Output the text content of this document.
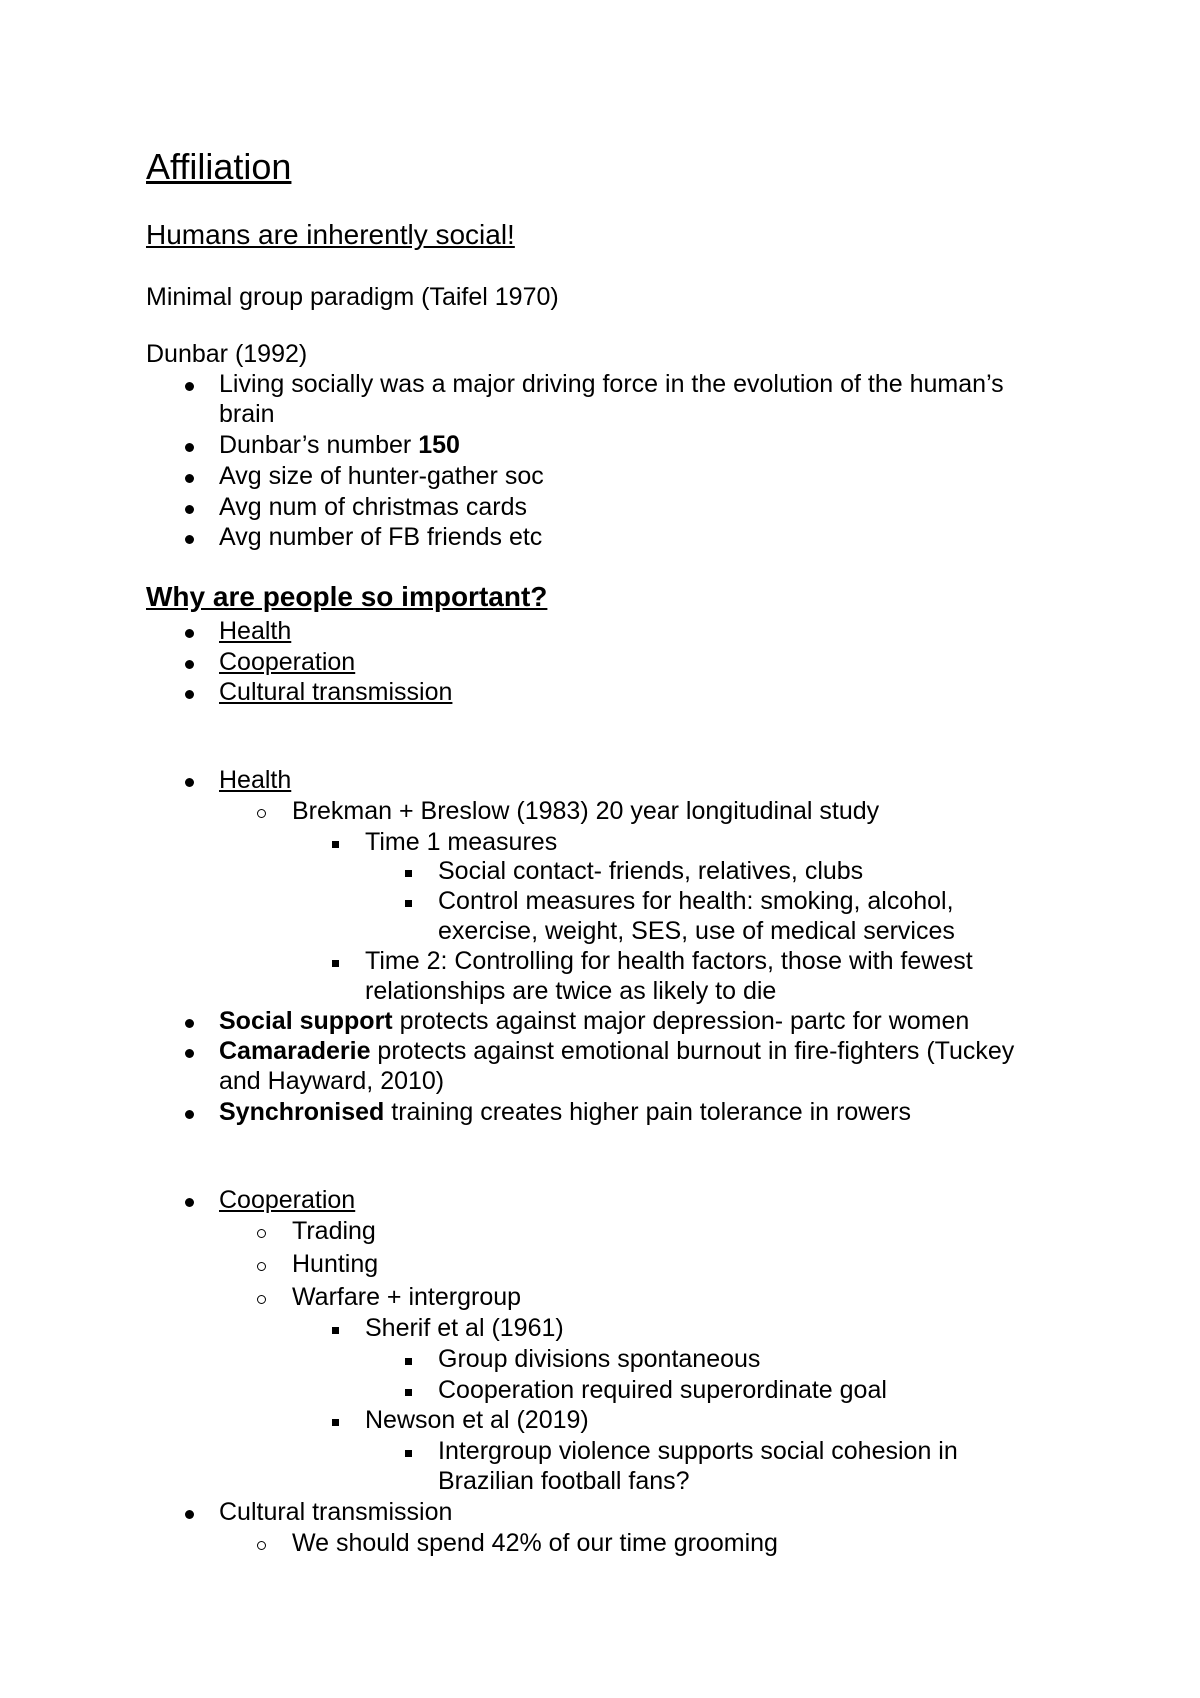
Affiliation
Humans are inherently social!
Minimal group paradigm (Taifel 1970)
Dunbar (1992)
Living socially was a major driving force in the evolution of the human’s
brain
Dunbar’s number 150
Avg size of hunter-gather soc
Avg num of christmas cards
Avg number of FB friends etc
Why are people so important?
Health
Cooperation
Cultural transmission
Health
Brekman + Breslow (1983) 20 year longitudinal study
Time 1 measures
Social contact- friends, relatives, clubs
Control measures for health: smoking, alcohol,
exercise, weight, SES, use of medical services
Time 2: Controlling for health factors, those with fewest
relationships are twice as likely to die
Social support protects against major depression- partc for women
Camaraderie protects against emotional burnout in fire-fighters (Tuckey
and Hayward, 2010)
Synchronised training creates higher pain tolerance in rowers
Cooperation
Trading
Hunting
Warfare + intergroup
Sherif et al (1961)
Group divisions spontaneous
Cooperation required superordinate goal
Newson et al (2019)
Intergroup violence supports social cohesion in
Brazilian football fans?
Cultural transmission
We should spend 42% of our time grooming
